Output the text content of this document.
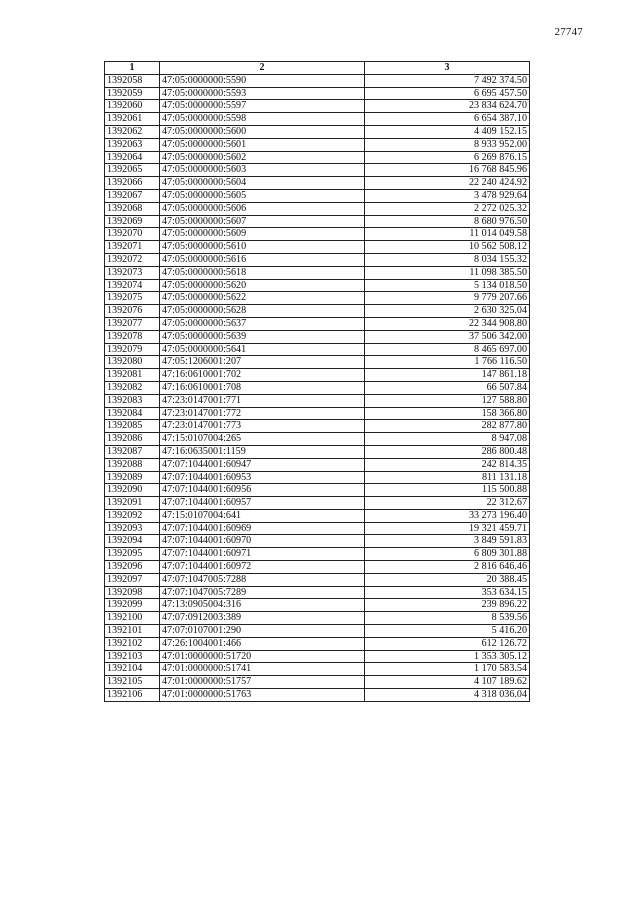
27747
1	2	3
1392058	47:05:0000000:5590	7 492 374.50
1392059	47:05:0000000:5593	6 695 457.50
1392060	47:05:0000000:5597	23 834 624.70
1392061	47:05:0000000:5598	6 654 387.10
1392062	47:05:0000000:5600	4 409 152.15
1392063	47:05:0000000:5601	8 933 952.00
1392064	47:05:0000000:5602	6 269 876.15
1392065	47:05:0000000:5603	16 768 845.96
1392066	47:05:0000000:5604	22 240 424.92
1392067	47:05:0000000:5605	3 478 929.64
1392068	47:05:0000000:5606	2 272 025.32
1392069	47:05:0000000:5607	8 680 976.50
1392070	47:05:0000000:5609	11 014 049.58
1392071	47:05:0000000:5610	10 562 508.12
1392072	47:05:0000000:5616	8 034 155.32
1392073	47:05:0000000:5618	11 098 385.50
1392074	47:05:0000000:5620	5 134 018.50
1392075	47:05:0000000:5622	9 779 207.66
1392076	47:05:0000000:5628	2 630 325.04
1392077	47:05:0000000:5637	22 344 908.80
1392078	47:05:0000000:5639	37 506 342.00
1392079	47:05:0000000:5641	8 465 697.00
1392080	47:05:1206001:207	1 766 116.50
1392081	47:16:0610001:702	147 861.18
1392082	47:16:0610001:708	66 507.84
1392083	47:23:0147001:771	127 588.80
1392084	47:23:0147001:772	158 366.80
1392085	47:23:0147001:773	282 877.80
1392086	47:15:0107004:265	8 947.08
1392087	47:16:0635001:1159	286 800.48
1392088	47:07:1044001:60947	242 814.35
1392089	47:07:1044001:60953	811 131.18
1392090	47:07:1044001:60956	115 500.88
1392091	47:07:1044001:60957	22 312.67
1392092	47:15:0107004:641	33 273 196.40
1392093	47:07:1044001:60969	19 321 459.71
1392094	47:07:1044001:60970	3 849 591.83
1392095	47:07:1044001:60971	6 809 301.88
1392096	47:07:1044001:60972	2 816 646.46
1392097	47:07:1047005:7288	20 388.45
1392098	47:07:1047005:7289	353 634.15
1392099	47:13:0905004:316	239 896.22
1392100	47:07:0912003:389	8 539.56
1392101	47:07:0107001:290	5 416.20
1392102	47:26:1004001:466	612 126.72
1392103	47:01:0000000:51720	1 353 305.12
1392104	47:01:0000000:51741	1 170 583.54
1392105	47:01:0000000:51757	4 107 189.62
1392106	47:01:0000000:51763	4 318 036.04
